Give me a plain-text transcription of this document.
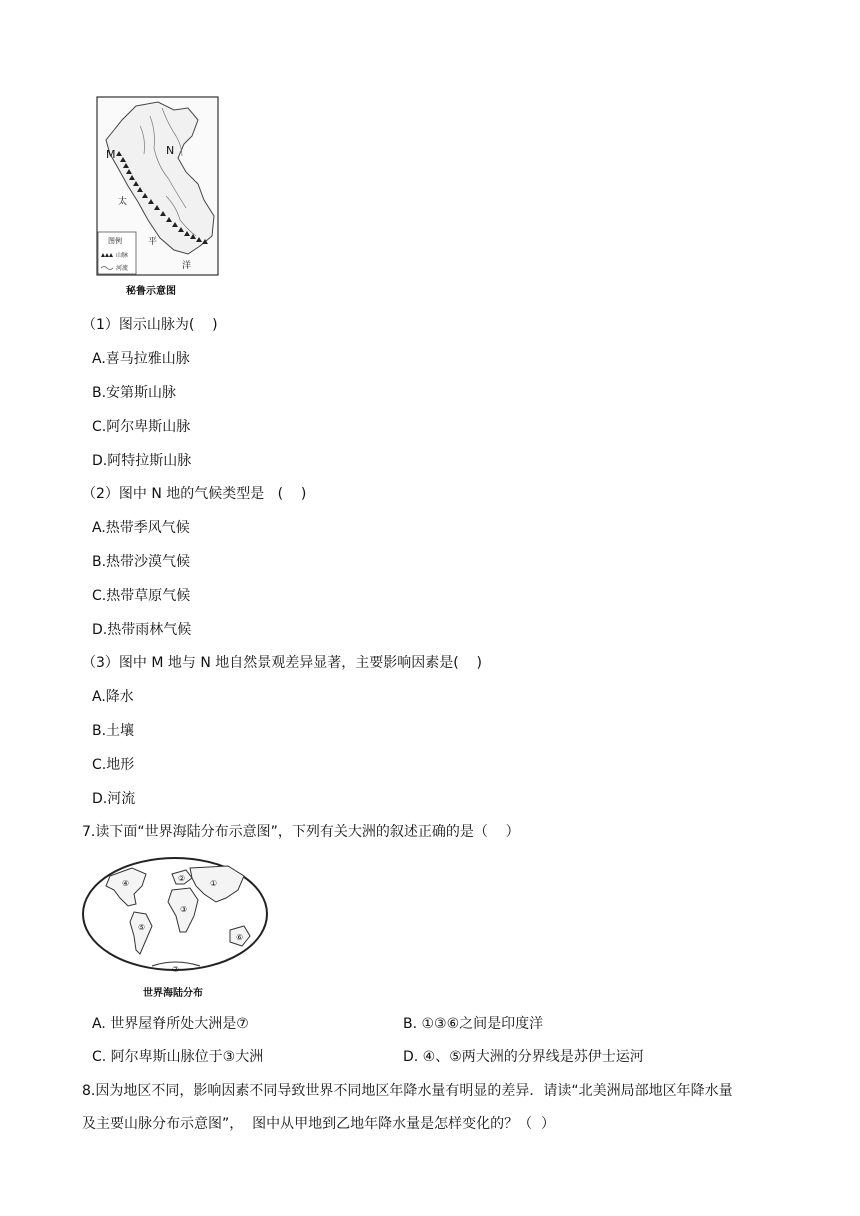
M	N
太
平
洋
图例
山脉
河流
秘鲁示意图
（1）图示山脉为(    )
A.喜马拉雅山脉
B.安第斯山脉
C.阿尔卑斯山脉
D.阿特拉斯山脉
（2）图中 N 地的气候类型是   (    )
A.热带季风气候
B.热带沙漠气候
C.热带草原气候
D.热带雨林气候
（3）图中 M 地与 N 地自然景观差异显著，主要影响因素是(    )
A.降水
B.土壤
C.地形
D.河流
7.读下面“世界海陆分布示意图”，下列有关大洲的叙述正确的是（    ）
①
②
③
④
⑤
⑥
⑦
世界海陆分布
A. 世界屋脊所处大洲是⑦	B. ①③⑥之间是印度洋
C. 阿尔卑斯山脉位于③大洲	D. ④、⑤两大洲的分界线是苏伊士运河
8.因为地区不同，影响因素不同导致世界不同地区年降水量有明显的差异．请读“北美洲局部地区年降水量
及主要山脉分布示意图”，  图中从甲地到乙地年降水量是怎样变化的？（  ）
